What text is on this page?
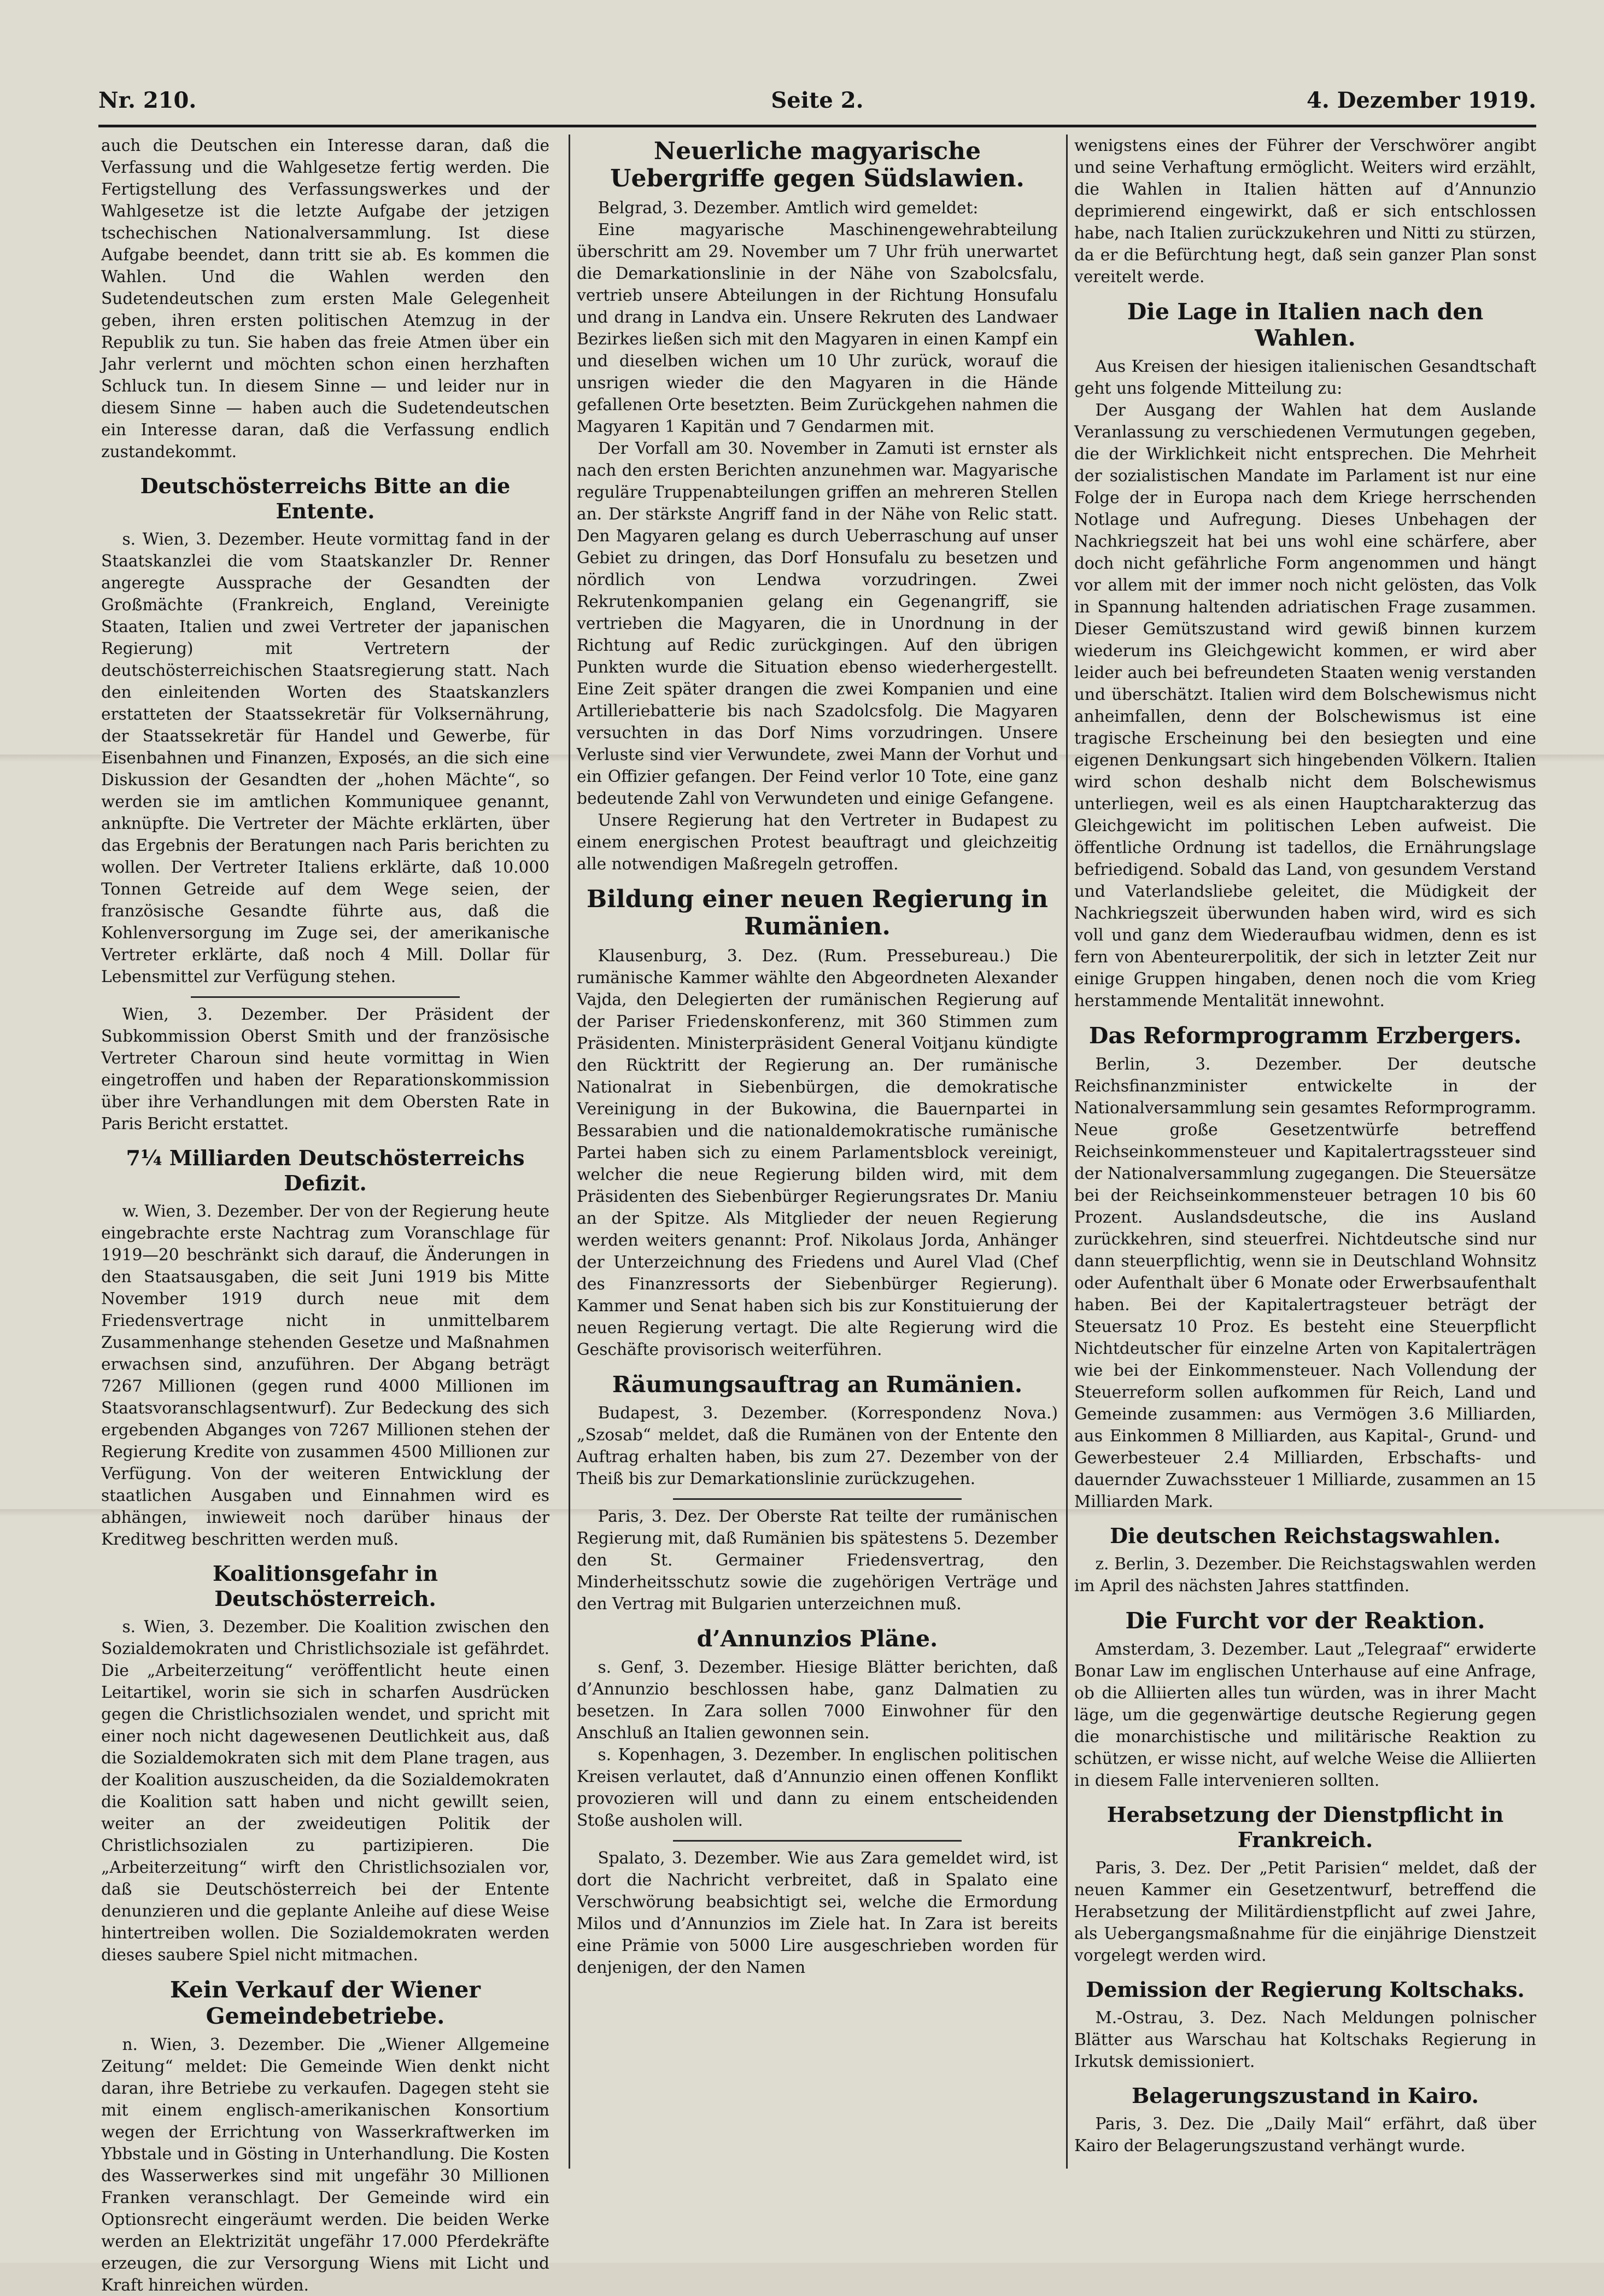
Nr. 210.	Seite 2.	4. Dezember 1919.

auch die Deutschen ein Interesse daran, daß die Verfassung und die Wahlgesetze fertig werden. Die Fertigstellung des Verfassungswerkes und der Wahlgesetze ist die letzte Aufgabe der jetzigen tschechischen Nationalversammlung. Ist diese Aufgabe beendet, dann tritt sie ab. Es kommen die Wahlen. Und die Wahlen werden den Sudetendeutschen zum ersten Male Gelegenheit geben, ihren ersten politischen Atemzug in der Republik zu tun. Sie haben das freie Atmen über ein Jahr verlernt und möchten schon einen herzhaften Schluck tun. In diesem Sinne — und leider nur in diesem Sinne — haben auch die Sudetendeutschen ein Interesse daran, daß die Verfassung endlich zustandekommt.

Deutschösterreichs Bitte an die Entente.

s. Wien, 3. Dezember. Heute vormittag fand in der Staatskanzlei die vom Staatskanzler Dr. Renner angeregte Aussprache der Gesandten der Großmächte (Frankreich, England, Vereinigte Staaten, Italien und zwei Vertreter der japanischen Regierung) mit Vertretern der deutschösterreichischen Staatsregierung statt. Nach den einleitenden Worten des Staatskanzlers erstatteten der Staatssekretär für Volksernährung, der Staatssekretär für Handel und Gewerbe, für Eisenbahnen und Finanzen, Exposés, an die sich eine Diskussion der Gesandten der „hohen Mächte“, so werden sie im amtlichen Kommuniquee genannt, anknüpfte. Die Vertreter der Mächte erklärten, über das Ergebnis der Beratungen nach Paris berichten zu wollen. Der Vertreter Italiens erklärte, daß 10.000 Tonnen Getreide auf dem Wege seien, der französische Gesandte führte aus, daß die Kohlenversorgung im Zuge sei, der amerikanische Vertreter erklärte, daß noch 4 Mill. Dollar für Lebensmittel zur Verfügung stehen.

Wien, 3. Dezember. Der Präsident der Subkommission Oberst Smith und der französische Vertreter Charoun sind heute vormittag in Wien eingetroffen und haben der Reparationskommission über ihre Verhandlungen mit dem Obersten Rate in Paris Bericht erstattet.

7¼ Milliarden Deutschösterreichs Defizit.

w. Wien, 3. Dezember. Der von der Regierung heute eingebrachte erste Nachtrag zum Voranschlage für 1919—20 beschränkt sich darauf, die Änderungen in den Staatsausgaben, die seit Juni 1919 bis Mitte November 1919 durch neue mit dem Friedensvertrage nicht in unmittelbarem Zusammenhange stehenden Gesetze und Maßnahmen erwachsen sind, anzuführen. Der Abgang beträgt 7267 Millionen (gegen rund 4000 Millionen im Staatsvoranschlagsentwurf). Zur Bedeckung des sich ergebenden Abganges von 7267 Millionen stehen der Regierung Kredite von zusammen 4500 Millionen zur Verfügung. Von der weiteren Entwicklung der staatlichen Ausgaben und Einnahmen wird es abhängen, inwieweit noch darüber hinaus der Kreditweg beschritten werden muß.

Koalitionsgefahr in Deutschösterreich.

s. Wien, 3. Dezember. Die Koalition zwischen den Sozialdemokraten und Christlichsoziale ist gefährdet. Die „Arbeiterzeitung“ veröffentlicht heute einen Leitartikel, worin sie sich in scharfen Ausdrücken gegen die Christlichsozialen wendet, und spricht mit einer noch nicht dagewesenen Deutlichkeit aus, daß die Sozialdemokraten sich mit dem Plane tragen, aus der Koalition auszuscheiden, da die Sozialdemokraten die Koalition satt haben und nicht gewillt seien, weiter an der zweideutigen Politik der Christlichsozialen zu partizipieren. Die „Arbeiterzeitung“ wirft den Christlichsozialen vor, daß sie Deutschösterreich bei der Entente denunzieren und die geplante Anleihe auf diese Weise hintertreiben wollen. Die Sozialdemokraten werden dieses saubere Spiel nicht mitmachen.

Kein Verkauf der Wiener Gemeindebetriebe.

n. Wien, 3. Dezember. Die „Wiener Allgemeine Zeitung“ meldet: Die Gemeinde Wien denkt nicht daran, ihre Betriebe zu verkaufen. Dagegen steht sie mit einem englisch-amerikanischen Konsortium wegen der Errichtung von Wasserkraftwerken im Ybbstale und in Gösting in Unterhandlung. Die Kosten des Wasserwerkes sind mit ungefähr 30 Millionen Franken veranschlagt. Der Gemeinde wird ein Optionsrecht eingeräumt werden. Die beiden Werke werden an Elektrizität ungefähr 17.000 Pferdekräfte erzeugen, die zur Versorgung Wiens mit Licht und Kraft hinreichen würden.

Neuerliche magyarische Uebergriffe gegen Südslawien.

Belgrad, 3. Dezember. Amtlich wird gemeldet:

Eine magyarische Maschinengewehrabteilung überschritt am 29. November um 7 Uhr früh unerwartet die Demarkationslinie in der Nähe von Szabolcsfalu, vertrieb unsere Abteilungen in der Richtung Honsufalu und drang in Landva ein. Unsere Rekruten des Landwaer Bezirkes ließen sich mit den Magyaren in einen Kampf ein und dieselben wichen um 10 Uhr zurück, worauf die unsrigen wieder die den Magyaren in die Hände gefallenen Orte besetzten. Beim Zurückgehen nahmen die Magyaren 1 Kapitän und 7 Gendarmen mit.

Der Vorfall am 30. November in Zamuti ist ernster als nach den ersten Berichten anzunehmen war. Magyarische reguläre Truppenabteilungen griffen an mehreren Stellen an. Der stärkste Angriff fand in der Nähe von Relic statt. Den Magyaren gelang es durch Ueberraschung auf unser Gebiet zu dringen, das Dorf Honsufalu zu besetzen und nördlich von Lendwa vorzudringen. Zwei Rekrutenkompanien gelang ein Gegenangriff, sie vertrieben die Magyaren, die in Unordnung in der Richtung auf Redic zurückgingen. Auf den übrigen Punkten wurde die Situation ebenso wiederhergestellt. Eine Zeit später drangen die zwei Kompanien und eine Artilleriebatterie bis nach Szadolcsfolg. Die Magyaren versuchten in das Dorf Nims vorzudringen. Unsere Verluste sind vier Verwundete, zwei Mann der Vorhut und ein Offizier gefangen. Der Feind verlor 10 Tote, eine ganz bedeutende Zahl von Verwundeten und einige Gefangene.

Unsere Regierung hat den Vertreter in Budapest zu einem energischen Protest beauftragt und gleichzeitig alle notwendigen Maßregeln getroffen.

Bildung einer neuen Regierung in Rumänien.

Klausenburg, 3. Dez. (Rum. Pressebureau.) Die rumänische Kammer wählte den Abgeordneten Alexander Vajda, den Delegierten der rumänischen Regierung auf der Pariser Friedenskonferenz, mit 360 Stimmen zum Präsidenten. Ministerpräsident General Voitjanu kündigte den Rücktritt der Regierung an. Der rumänische Nationalrat in Siebenbürgen, die demokratische Vereinigung in der Bukowina, die Bauernpartei in Bessarabien und die nationaldemokratische rumänische Partei haben sich zu einem Parlamentsblock vereinigt, welcher die neue Regierung bilden wird, mit dem Präsidenten des Siebenbürger Regierungsrates Dr. Maniu an der Spitze. Als Mitglieder der neuen Regierung werden weiters genannt: Prof. Nikolaus Jorda, Anhänger der Unterzeichnung des Friedens und Aurel Vlad (Chef des Finanzressorts der Siebenbürger Regierung). Kammer und Senat haben sich bis zur Konstituierung der neuen Regierung vertagt. Die alte Regierung wird die Geschäfte provisorisch weiterführen.

Räumungsauftrag an Rumänien.

Budapest, 3. Dezember. (Korrespondenz Nova.) „Szosab“ meldet, daß die Rumänen von der Entente den Auftrag erhalten haben, bis zum 27. Dezember von der Theiß bis zur Demarkationslinie zurückzugehen.

Paris, 3. Dez. Der Oberste Rat teilte der rumänischen Regierung mit, daß Rumänien bis spätestens 5. Dezember den St. Germainer Friedensvertrag, den Minderheitsschutz sowie die zugehörigen Verträge und den Vertrag mit Bulgarien unterzeichnen muß.

d’Annunzios Pläne.

s. Genf, 3. Dezember. Hiesige Blätter berichten, daß d’Annunzio beschlossen habe, ganz Dalmatien zu besetzen. In Zara sollen 7000 Einwohner für den Anschluß an Italien gewonnen sein.

s. Kopenhagen, 3. Dezember. In englischen politischen Kreisen verlautet, daß d’Annunzio einen offenen Konflikt provozieren will und dann zu einem entscheidenden Stoße ausholen will.

Spalato, 3. Dezember. Wie aus Zara gemeldet wird, ist dort die Nachricht verbreitet, daß in Spalato eine Verschwörung beabsichtigt sei, welche die Ermordung Milos und d’Annunzios im Ziele hat. In Zara ist bereits eine Prämie von 5000 Lire ausgeschrieben worden für denjenigen, der den Namen

wenigstens eines der Führer der Verschwörer angibt und seine Verhaftung ermöglicht. Weiters wird erzählt, die Wahlen in Italien hätten auf d’Annunzio deprimierend eingewirkt, daß er sich entschlossen habe, nach Italien zurückzukehren und Nitti zu stürzen, da er die Befürchtung hegt, daß sein ganzer Plan sonst vereitelt werde.

Die Lage in Italien nach den Wahlen.

Aus Kreisen der hiesigen italienischen Gesandtschaft geht uns folgende Mitteilung zu:

Der Ausgang der Wahlen hat dem Auslande Veranlassung zu verschiedenen Vermutungen gegeben, die der Wirklichkeit nicht entsprechen. Die Mehrheit der sozialistischen Mandate im Parlament ist nur eine Folge der in Europa nach dem Kriege herrschenden Notlage und Aufregung. Dieses Unbehagen der Nachkriegszeit hat bei uns wohl eine schärfere, aber doch nicht gefährliche Form angenommen und hängt vor allem mit der immer noch nicht gelösten, das Volk in Spannung haltenden adriatischen Frage zusammen. Dieser Gemütszustand wird gewiß binnen kurzem wiederum ins Gleichgewicht kommen, er wird aber leider auch bei befreundeten Staaten wenig verstanden und überschätzt. Italien wird dem Bolschewismus nicht anheimfallen, denn der Bolschewismus ist eine tragische Erscheinung bei den besiegten und eine eigenen Denkungsart sich hingebenden Völkern. Italien wird schon deshalb nicht dem Bolschewismus unterliegen, weil es als einen Hauptcharakterzug das Gleichgewicht im politischen Leben aufweist. Die öffentliche Ordnung ist tadellos, die Ernährungslage befriedigend. Sobald das Land, von gesundem Verstand und Vaterlandsliebe geleitet, die Müdigkeit der Nachkriegszeit überwunden haben wird, wird es sich voll und ganz dem Wiederaufbau widmen, denn es ist fern von Abenteurerpolitik, der sich in letzter Zeit nur einige Gruppen hingaben, denen noch die vom Krieg herstammende Mentalität innewohnt.

Das Reformprogramm Erzbergers.

Berlin, 3. Dezember. Der deutsche Reichsfinanzminister entwickelte in der Nationalversammlung sein gesamtes Reformprogramm. Neue große Gesetzentwürfe betreffend Reichseinkommensteuer und Kapitalertragssteuer sind der Nationalversammlung zugegangen. Die Steuersätze bei der Reichseinkommensteuer betragen 10 bis 60 Prozent. Auslandsdeutsche, die ins Ausland zurückkehren, sind steuerfrei. Nichtdeutsche sind nur dann steuerpflichtig, wenn sie in Deutschland Wohnsitz oder Aufenthalt über 6 Monate oder Erwerbsaufenthalt haben. Bei der Kapitalertragsteuer beträgt der Steuersatz 10 Proz. Es besteht eine Steuerpflicht Nichtdeutscher für einzelne Arten von Kapitalerträgen wie bei der Einkommensteuer. Nach Vollendung der Steuerreform sollen aufkommen für Reich, Land und Gemeinde zusammen: aus Vermögen 3.6 Milliarden, aus Einkommen 8 Milliarden, aus Kapital-, Grund- und Gewerbesteuer 2.4 Milliarden, Erbschafts- und dauernder Zuwachssteuer 1 Milliarde, zusammen an 15 Milliarden Mark.

Die deutschen Reichstagswahlen.

z. Berlin, 3. Dezember. Die Reichstagswahlen werden im April des nächsten Jahres stattfinden.

Die Furcht vor der Reaktion.

Amsterdam, 3. Dezember. Laut „Telegraaf“ erwiderte Bonar Law im englischen Unterhause auf eine Anfrage, ob die Alliierten alles tun würden, was in ihrer Macht läge, um die gegenwärtige deutsche Regierung gegen die monarchistische und militärische Reaktion zu schützen, er wisse nicht, auf welche Weise die Alliierten in diesem Falle intervenieren sollten.

Herabsetzung der Dienstpflicht in Frankreich.

Paris, 3. Dez. Der „Petit Parisien“ meldet, daß der neuen Kammer ein Gesetzentwurf, betreffend die Herabsetzung der Militärdienstpflicht auf zwei Jahre, als Uebergangsmaßnahme für die einjährige Dienstzeit vorgelegt werden wird.

Demission der Regierung Koltschaks.

M.-Ostrau, 3. Dez. Nach Meldungen polnischer Blätter aus Warschau hat Koltschaks Regierung in Irkutsk demissioniert.

Belagerungszustand in Kairo.

Paris, 3. Dez. Die „Daily Mail“ erfährt, daß über Kairo der Belagerungszustand verhängt wurde.
